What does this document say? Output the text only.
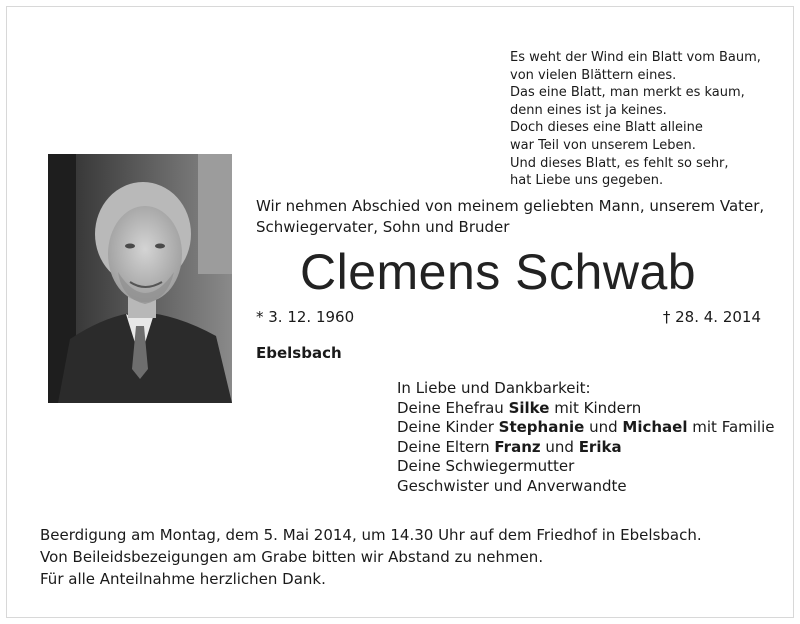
Es weht der Wind ein Blatt vom Baum,
von vielen Blättern eines.
Das eine Blatt, man merkt es kaum,
denn eines ist ja keines.
Doch dieses eine Blatt alleine
war Teil von unserem Leben.
Und dieses Blatt, es fehlt so sehr,
hat Liebe uns gegeben.
Wir nehmen Abschied von meinem geliebten Mann, unserem Vater,
Schwiegervater, Sohn und Bruder
Clemens Schwab
* 3. 12. 1960	† 28. 4. 2014
Ebelsbach
In Liebe und Dankbarkeit:
Deine Ehefrau Silke mit Kindern
Deine Kinder Stephanie und Michael mit Familie
Deine Eltern Franz und Erika
Deine Schwiegermutter
Geschwister und Anverwandte
Beerdigung am Montag, dem 5. Mai 2014, um 14.30 Uhr auf dem Friedhof in Ebelsbach.
Von Beileidsbezeigungen am Grabe bitten wir Abstand zu nehmen.
Für alle Anteilnahme herzlichen Dank.
